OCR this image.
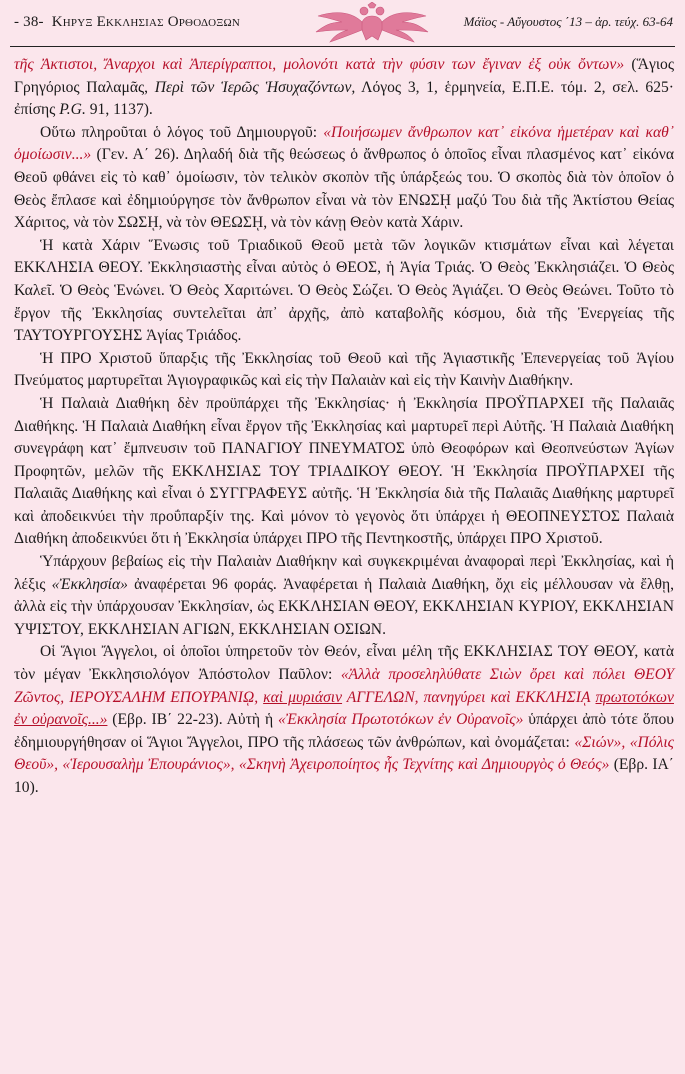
- 38- Κηρυξ Εκκλησιας Ορθοδοξων	Μάϊος - Αὔγουστος ΄13 – ἀρ. τεύχ. 63-64

τῆς Ἀκτιστοι, Ἄναρχοι καὶ Ἀπερίγραπτοι, μολονότι κατὰ τὴν φύσιν των ἔγιναν ἐξ οὐκ ὄντων» (Ἅγιος Γρηγόριος Παλαμᾶς, Περὶ τῶν Ἱερῶς Ἡσυχαζόντων, Λόγος 3, 1, ἑρμηνεία, Ε.Π.Ε. τόμ. 2, σελ. 625· ἐπίσης P.G. 91, 1137).

Οὕτω πληροῦται ὁ λόγος τοῦ Δημιουργοῦ: «Ποιήσωμεν ἄνθρωπον κατ᾽ εἰκόνα ἡμετέραν καὶ καθ᾽ ὁμοίωσιν...» (Γεν. Α΄ 26). Δηλαδή διὰ τῆς θεώσεως ὁ ἄνθρωπος ὁ ὁποῖος εἶναι πλασμένος κατ᾽ εἰκόνα Θεοῦ φθάνει εἰς τὸ καθ᾽ ὁμοίωσιν, τὸν τελικὸν σκοπὸν τῆς ὑπάρξεώς του. Ὁ σκοπὸς διὰ τὸν ὁποῖον ὁ Θεὸς ἔπλασε καὶ ἐδημιούργησε τὸν ἄνθρωπον εἶναι νὰ τὸν ΕΝΩΣῌ μαζύ Του διὰ τῆς Ἀκτίστου Θείας Χάριτος, νὰ τὸν ΣΩΣῌ, νὰ τὸν ΘΕΩΣῌ, νὰ τὸν κάνῃ Θεὸν κατὰ Χάριν.

Ἡ κατὰ Χάριν Ἕνωσις τοῦ Τριαδικοῦ Θεοῦ μετὰ τῶν λογικῶν κτισμάτων εἶναι καὶ λέγεται ΕΚΚΛΗΣΙΑ ΘΕΟΥ. Ἐκκλησιαστὴς εἶναι αὐτὸς ὁ ΘΕΟΣ, ἡ Ἁγία Τριάς. Ὁ Θεὸς Ἐκκλησιάζει. Ὁ Θεὸς Καλεῖ. Ὁ Θεὸς Ἑνώνει. Ὁ Θεὸς Χαριτώνει. Ὁ Θεὸς Σώζει. Ὁ Θεὸς Ἁγιάζει. Ὁ Θεὸς Θεώνει. Τοῦτο τὸ ἔργον τῆς Ἐκκλησίας συντελεῖται ἀπ᾽ ἀρχῆς, ἀπὸ καταβολῆς κόσμου, διὰ τῆς Ἐνεργείας τῆς ΤΑΥΤΟΥΡΓΟΥΣΗΣ Ἁγίας Τριάδος.

Ἡ ΠΡΟ Χριστοῦ ὕπαρξις τῆς Ἐκκλησίας τοῦ Θεοῦ καὶ τῆς Ἁγιαστικῆς Ἐπενεργείας τοῦ Ἁγίου Πνεύματος μαρτυρεῖται Ἁγιογραφικῶς καὶ εἰς τὴν Παλαιὰν καὶ εἰς τὴν Καινὴν Διαθήκην.

Ἡ Παλαιὰ Διαθήκη δὲν προϋπάρχει τῆς Ἐκκλησίας· ἡ Ἐκκλησία ΠΡΟΫΠΑΡΧΕΙ τῆς Παλαιᾶς Διαθήκης. Ἡ Παλαιὰ Διαθήκη εἶναι ἔργον τῆς Ἐκκλησίας καὶ μαρτυρεῖ περὶ Αὐτῆς. Ἡ Παλαιὰ Διαθήκη συνεγράφη κατ᾽ ἔμπνευσιν τοῦ ΠΑΝΑΓΙΟΥ ΠΝΕΥΜΑΤΟΣ ὑπὸ Θεοφόρων καὶ Θεοπνεύστων Ἁγίων Προφητῶν, μελῶν τῆς ΕΚΚΛΗΣΙΑΣ ΤΟΥ ΤΡΙΑΔΙΚΟΥ ΘΕΟΥ. Ἡ Ἐκκλησία ΠΡΟΫΠΑΡΧΕΙ τῆς Παλαιᾶς Διαθήκης καὶ εἶναι ὁ ΣΥΓΓΡΑΦΕΥΣ αὐτῆς. Ἡ Ἐκκλησία διὰ τῆς Παλαιᾶς Διαθήκης μαρτυρεῖ καὶ ἀποδεικνύει τὴν προΰπαρξίν της. Καὶ μόνον τὸ γεγονὸς ὅτι ὑπάρχει ἡ ΘΕΟΠΝΕΥΣΤΟΣ Παλαιὰ Διαθήκη ἀποδεικνύει ὅτι ἡ Ἐκκλησία ὑπάρχει ΠΡΟ τῆς Πεντηκοστῆς, ὑπάρχει ΠΡΟ Χριστοῦ.

Ὑπάρχουν βεβαίως εἰς τὴν Παλαιὰν Διαθήκην καὶ συγκεκριμέναι ἀναφοραὶ περὶ Ἐκκλησίας, καὶ ἡ λέξις «Ἐκκλησία» ἀναφέρεται 96 φοράς. Ἀναφέρεται ἡ Παλαιὰ Διαθήκη, ὄχι εἰς μέλλουσαν νὰ ἔλθῃ, ἀλλὰ εἰς τὴν ὑπάρχουσαν Ἐκκλησίαν, ὡς ΕΚΚΛΗΣΙΑΝ ΘΕΟΥ, ΕΚΚΛΗΣΙΑΝ ΚΥΡΙΟΥ, ΕΚΚΛΗΣΙΑΝ ΥΨΙΣΤΟΥ, ΕΚΚΛΗΣΙΑΝ ΑΓΙΩΝ, ΕΚΚΛΗΣΙΑΝ ΟΣΙΩΝ.

Οἱ Ἅγιοι Ἄγγελοι, οἱ ὁποῖοι ὑπηρετοῦν τὸν Θεόν, εἶναι μέλη τῆς ΕΚΚΛΗΣΙΑΣ ΤΟΥ ΘΕΟΥ, κατὰ τὸν μέγαν Ἐκκλησιολόγον Ἀπόστολον Παῦλον: «Ἀλλὰ προσεληλύθατε Σιὼν ὄρει καὶ πόλει ΘΕΟΥ Ζῶντος, ΙΕΡΟΥΣΑΛΗΜ ΕΠΟΥΡΑΝΙῼ, καὶ μυριάσιν ΑΓΓΕΛΩΝ, πανηγύρει καὶ ΕΚΚΛΗΣΙᾼ πρωτοτόκων ἐν οὐρανοῖς...» (Εβρ. ΙΒ΄ 22-23). Αὐτὴ ἡ «Ἐκκλησία Πρωτοτόκων ἐν Οὐρανοῖς» ὑπάρχει ἀπὸ τότε ὅπου ἐδημιουργήθησαν οἱ Ἅγιοι Ἄγγελοι, ΠΡΟ τῆς πλάσεως τῶν ἀνθρώπων, καὶ ὀνομάζεται: «Σιών», «Πόλις Θεοῦ», «Ἱερουσαλὴμ Ἐπουράνιος», «Σκηνὴ Ἀχειροποίητος ἧς Τεχνίτης καὶ Δημιουργὸς ὁ Θεός» (Εβρ. ΙΑ΄ 10).
